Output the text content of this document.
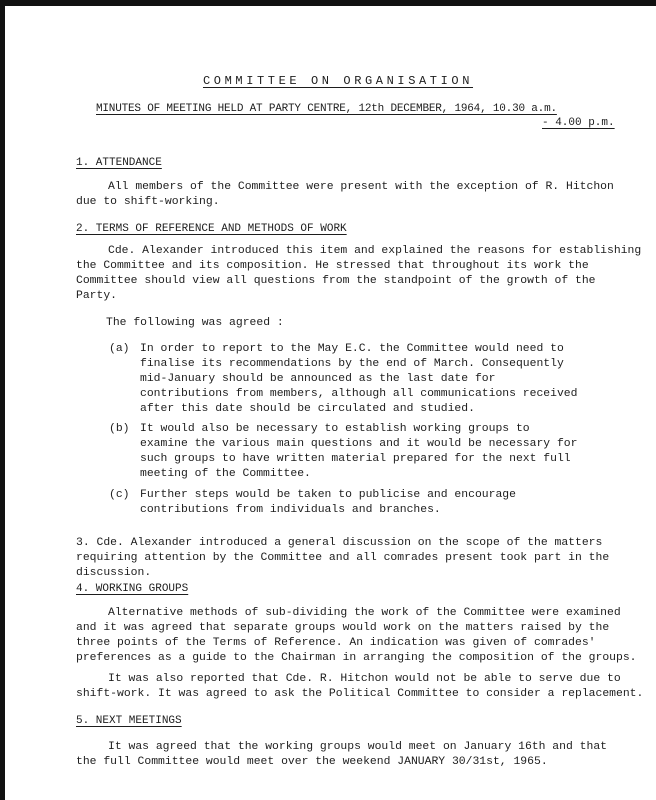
COMMITTEE ON ORGANISATION
MINUTES OF MEETING HELD AT PARTY CENTRE, 12th DECEMBER, 1964, 10.30 a.m.
- 4.00 p.m.
1. ATTENDANCE
All members of the Committee were present with the exception of R. Hitchon
due to shift-working.
2. TERMS OF REFERENCE AND METHODS OF WORK
Cde. Alexander introduced this item and explained the reasons for establishing
the Committee and its composition. He stressed that throughout its work the
Committee should view all questions from the standpoint of the growth of the
Party.
The following was agreed :
(a) In order to report to the May E.C. the Committee would need to
finalise its recommendations by the end of March. Consequently
mid-January should be announced as the last date for
contributions from members, although all communications received
after this date should be circulated and studied.
(b) It would also be necessary to establish working groups to
examine the various main questions and it would be necessary for
such groups to have written material prepared for the next full
meeting of the Committee.
(c) Further steps would be taken to publicise and encourage
contributions from individuals and branches.
3. Cde. Alexander introduced a general discussion on the scope of the matters
requiring attention by the Committee and all comrades present took part in the
discussion.
4. WORKING GROUPS
Alternative methods of sub-dividing the work of the Committee were examined
and it was agreed that separate groups would work on the matters raised by the
three points of the Terms of Reference. An indication was given of comrades'
preferences as a guide to the Chairman in arranging the composition of the groups.
It was also reported that Cde. R. Hitchon would not be able to serve due to
shift-work. It was agreed to ask the Political Committee to consider a replacement.
5. NEXT MEETINGS
It was agreed that the working groups would meet on January 16th and that
the full Committee would meet over the weekend JANUARY 30/31st, 1965.
